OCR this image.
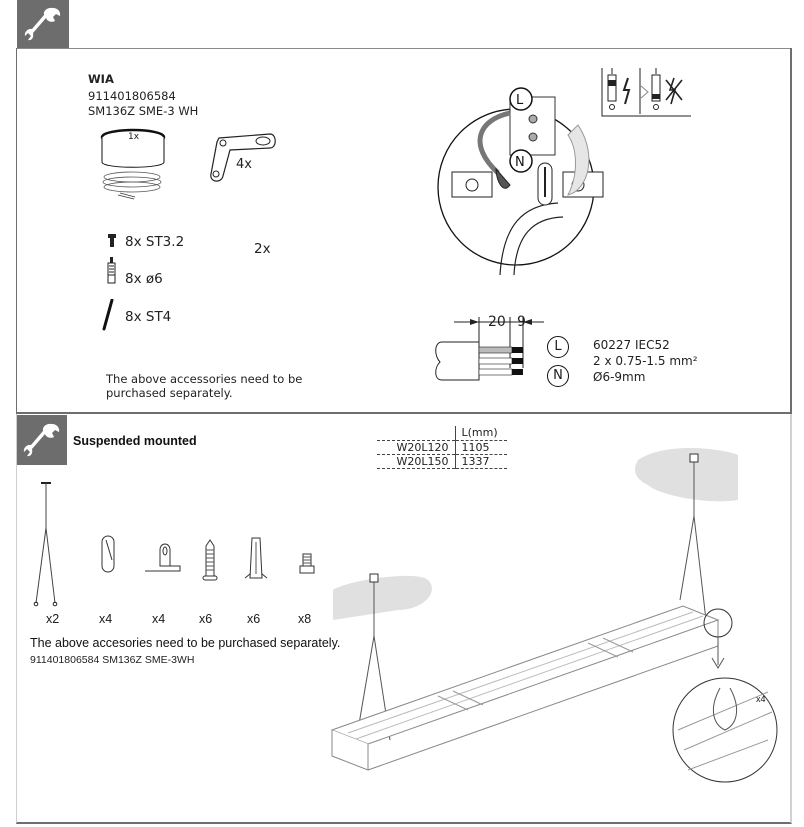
WIA
911401806584
SM136Z SME-3 WH
1x
4x
8x ST3.2
8x ø6
8x ST4
2x
The above accessories need to be purchased separately.
L
N
20 9
L
N
60227 IEC52
2 x 0.75-1.5 mm²
Ø6-9mm
Suspended mounted
	L(mm)
W20L120	1105
W20L150	1337
x2	x4	x4	x6	x6	x8
The above accesories need to be purchased separately.
911401806584 SM136Z SME-3WH
x4
